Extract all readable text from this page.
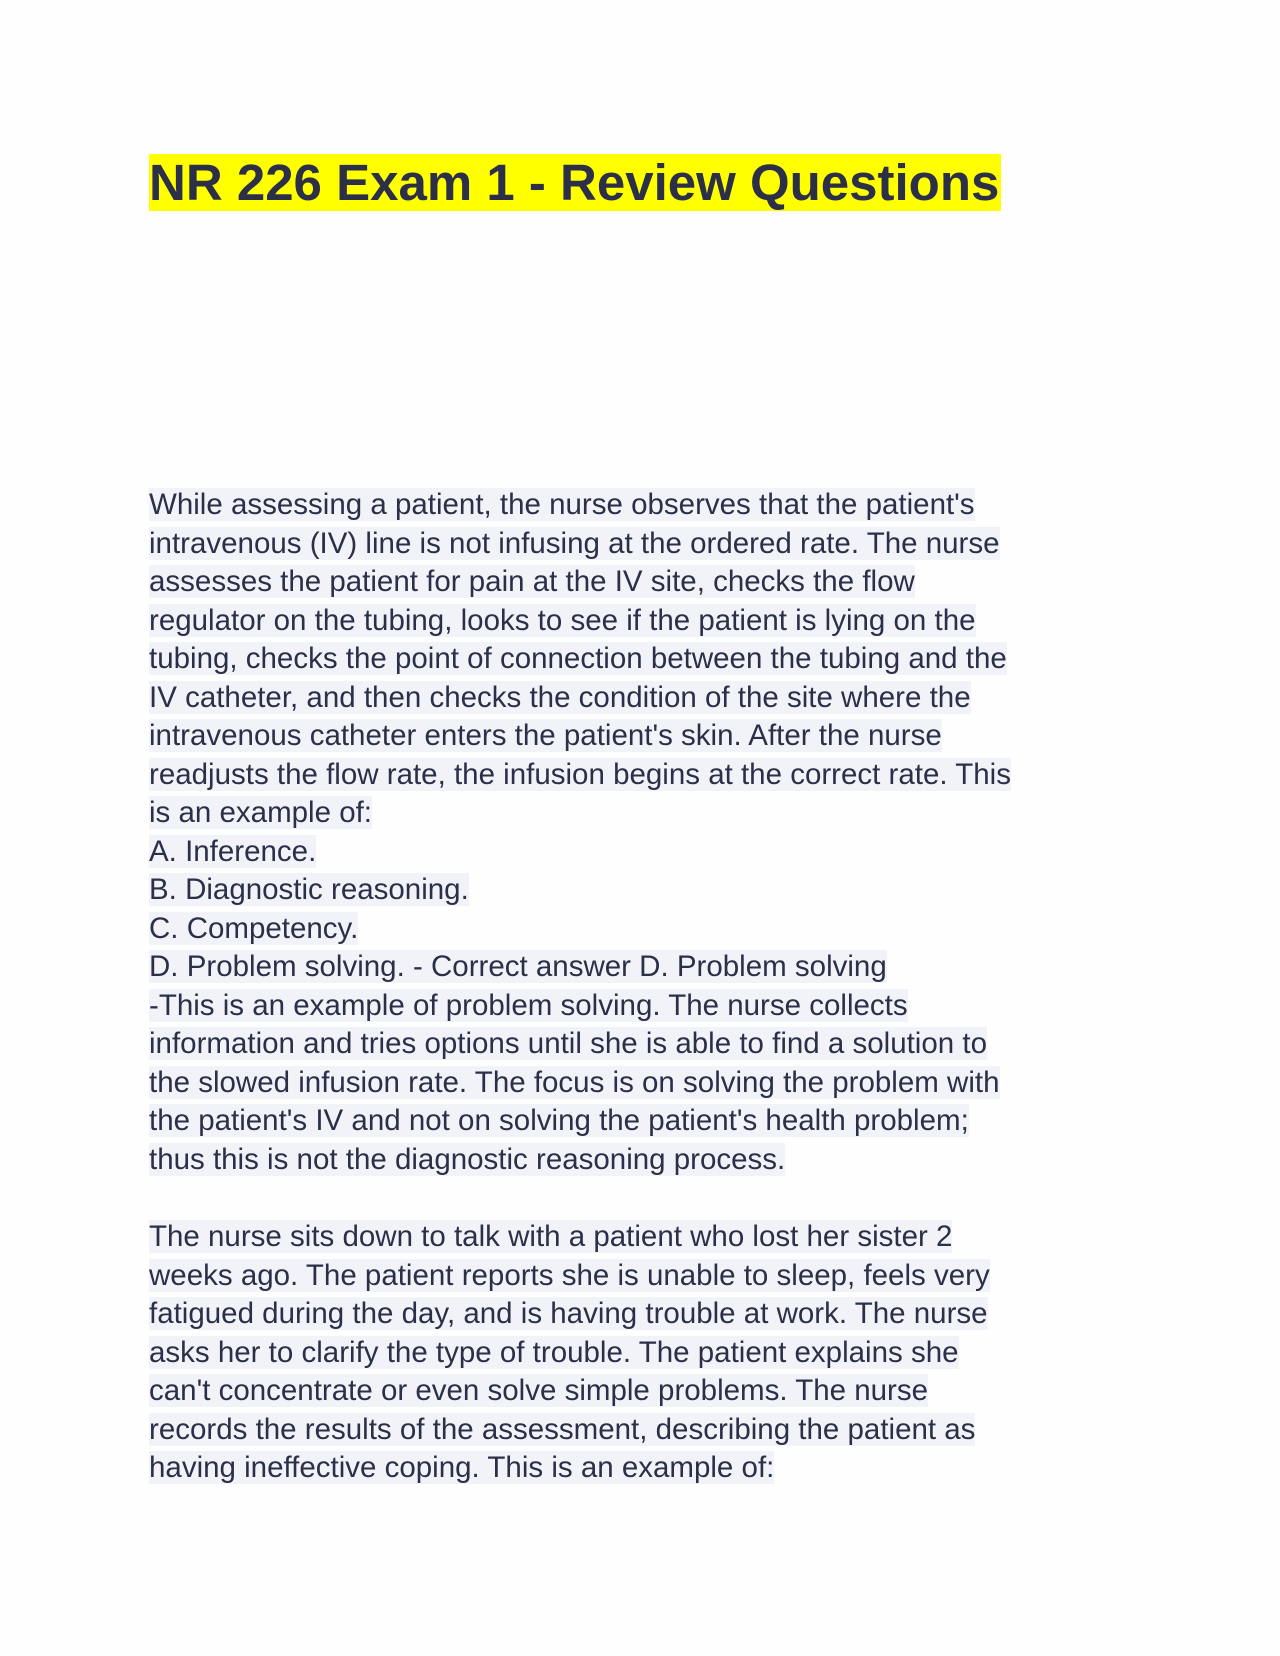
NR 226 Exam 1 - Review Questions
While assessing a patient, the nurse observes that the patient's
intravenous (IV) line is not infusing at the ordered rate. The nurse
assesses the patient for pain at the IV site, checks the flow
regulator on the tubing, looks to see if the patient is lying on the
tubing, checks the point of connection between the tubing and the
IV catheter, and then checks the condition of the site where the
intravenous catheter enters the patient's skin. After the nurse
readjusts the flow rate, the infusion begins at the correct rate. This
is an example of:
A. Inference.
B. Diagnostic reasoning.
C. Competency.
D. Problem solving. - Correct answer D. Problem solving
-This is an example of problem solving. The nurse collects
information and tries options until she is able to find a solution to
the slowed infusion rate. The focus is on solving the problem with
the patient's IV and not on solving the patient's health problem;
thus this is not the diagnostic reasoning process.
The nurse sits down to talk with a patient who lost her sister 2
weeks ago. The patient reports she is unable to sleep, feels very
fatigued during the day, and is having trouble at work. The nurse
asks her to clarify the type of trouble. The patient explains she
can't concentrate or even solve simple problems. The nurse
records the results of the assessment, describing the patient as
having ineffective coping. This is an example of:
